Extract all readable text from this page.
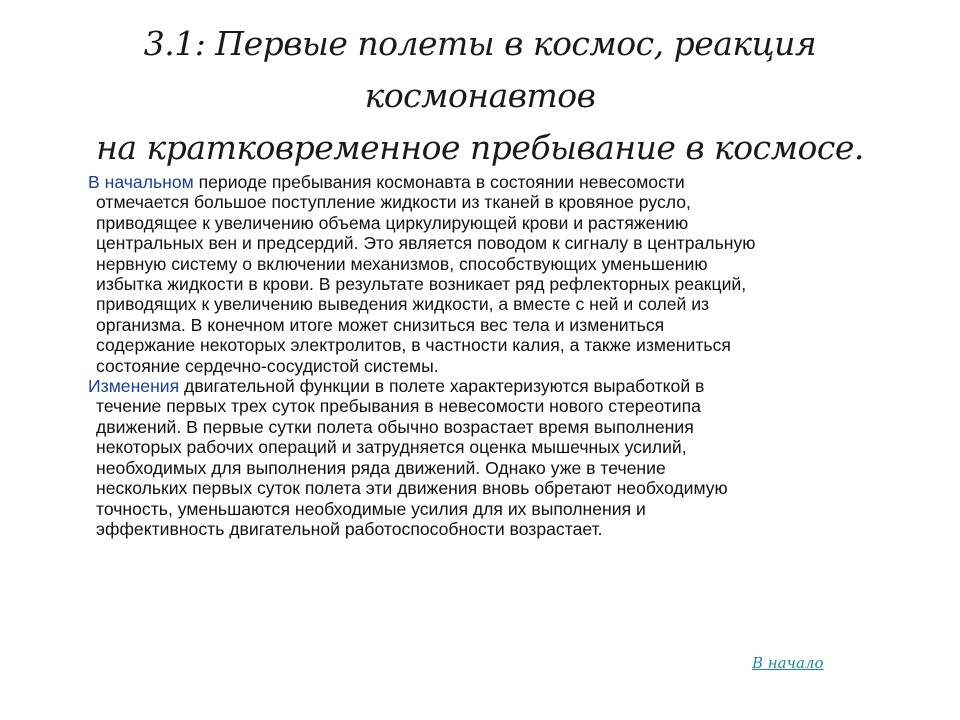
3.1: Первые полеты в космос, реакция космонавтов
на кратковременное пребывание в космосе.

В начальном периоде пребывания космонавта в состоянии невесомости
отмечается большое поступление жидкости из тканей в кровяное русло,
приводящее к увеличению объема циркулирующей крови и растяжению
центральных вен и предсердий. Это является поводом к сигналу в центральную
нервную систему о включении механизмов, способствующих уменьшению
избытка жидкости в крови. В результате возникает ряд рефлекторных реакций,
приводящих к увеличению выведения жидкости, а вместе с ней и солей из
организма. В конечном итоге может снизиться вес тела и измениться
содержание некоторых электролитов, в частности калия, а также измениться
состояние сердечно-сосудистой системы.

Изменения двигательной функции в полете характеризуются выработкой в
течение первых трех суток пребывания в невесомости нового стереотипа
движений. В первые сутки полета обычно возрастает время выполнения
некоторых рабочих операций и затрудняется оценка мышечных усилий,
необходимых для выполнения ряда движений. Однако уже в течение
нескольких первых суток полета эти движения вновь обретают необходимую
точность, уменьшаются необходимые усилия для их выполнения и
эффективность двигательной работоспособности возрастает.

В начало
